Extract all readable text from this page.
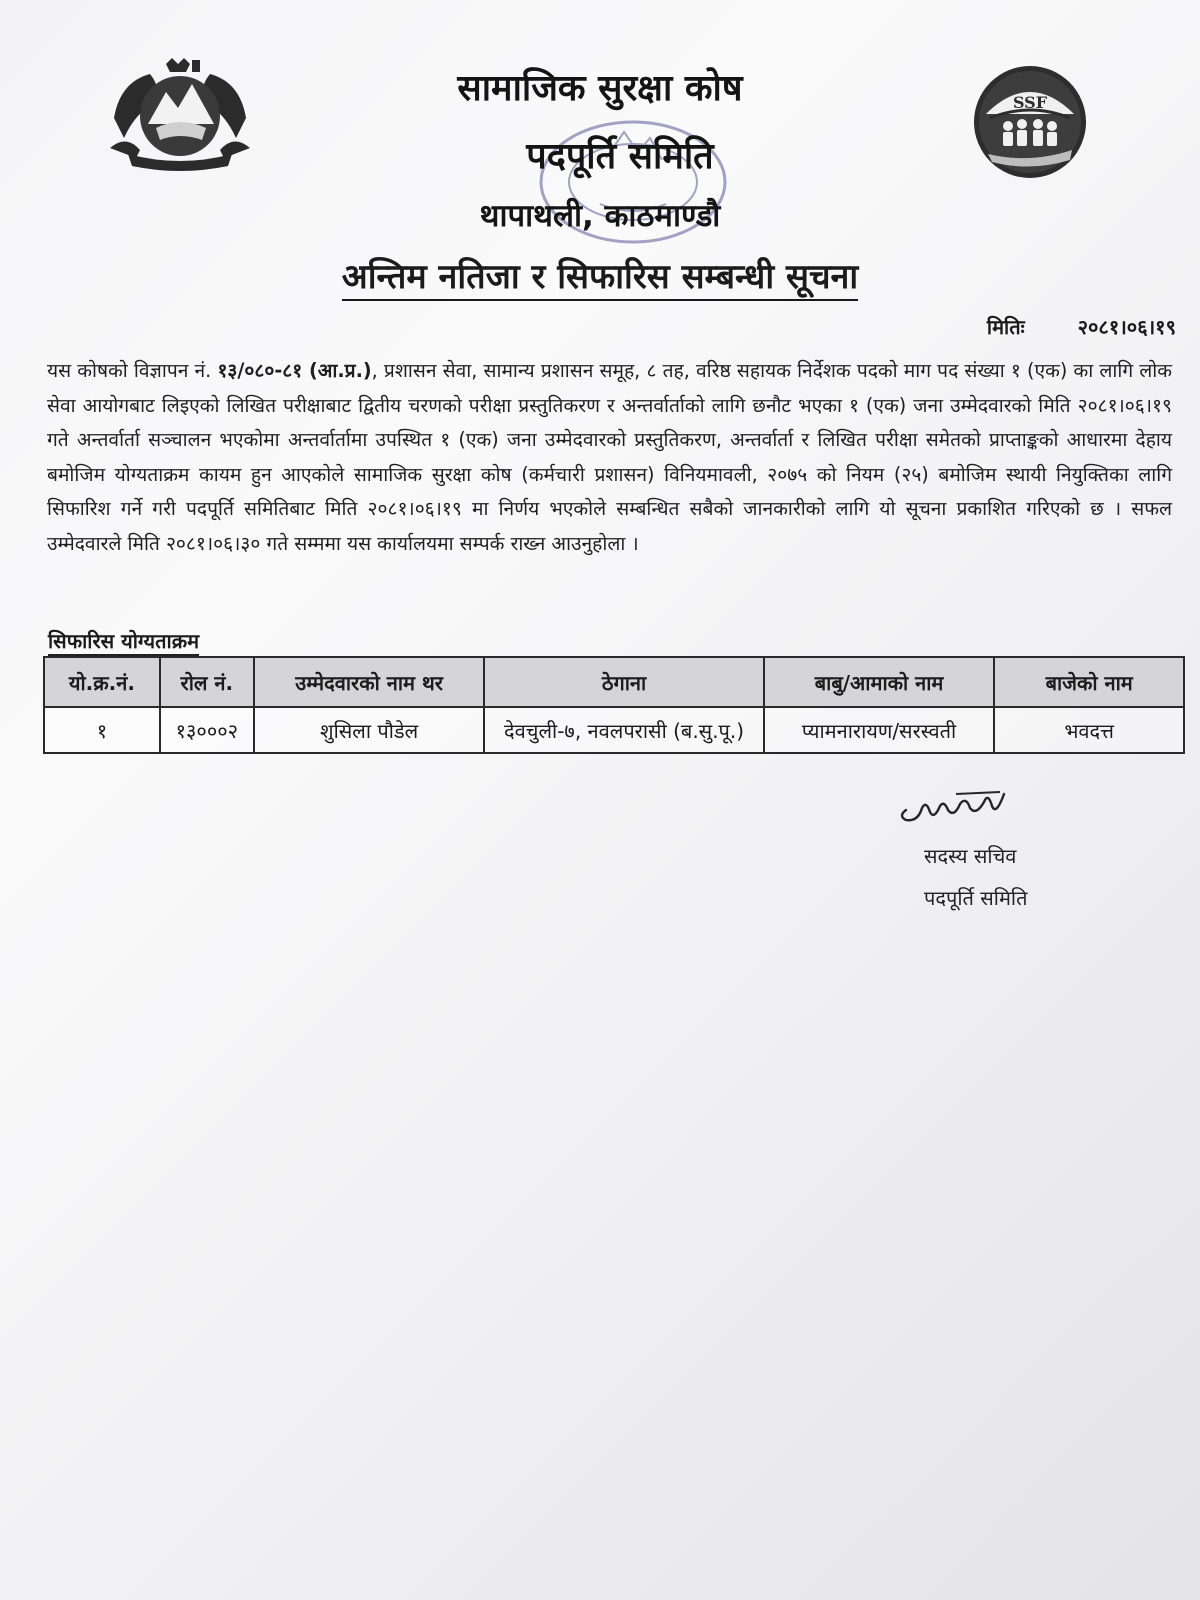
SSF
सामाजिक सुरक्षा कोष
पदपूर्ति समिति
थापाथली, काठमाण्डौ
अन्तिम नतिजा र सिफारिस सम्बन्धी सूचना
मितिः	२०८१।०६।१९

यस कोषको विज्ञापन नं. १३/०८०-८१ (आ.प्र.), प्रशासन सेवा, सामान्य प्रशासन समूह, ८ तह, वरिष्ठ सहायक निर्देशक पदको माग पद संख्या १ (एक) का लागि लोक सेवा आयोगबाट लिइएको लिखित परीक्षाबाट द्वितीय चरणको परीक्षा प्रस्तुतिकरण र अन्तर्वार्ताको लागि छनौट भएका १ (एक) जना उम्मेदवारको मिति २०८१।०६।१९ गते अन्तर्वार्ता सञ्चालन भएकोमा अन्तर्वार्तामा उपस्थित १ (एक) जना उम्मेदवारको प्रस्तुतिकरण, अन्तर्वार्ता र लिखित परीक्षा समेतको प्राप्ताङ्कको आधारमा देहाय बमोजिम योग्यताक्रम कायम हुन आएकोले सामाजिक सुरक्षा कोष (कर्मचारी प्रशासन) विनियमावली, २०७५ को नियम (२५) बमोजिम स्थायी नियुक्तिका लागि सिफारिश गर्ने गरी पदपूर्ति समितिबाट मिति २०८१।०६।१९ मा निर्णय भएकोले सम्बन्धित सबैको जानकारीको लागि यो सूचना प्रकाशित गरिएको छ । सफल उम्मेदवारले मिति २०८१।०६।३० गते सम्ममा यस कार्यालयमा सम्पर्क राख्न आउनुहोला ।

सिफारिस योग्यताक्रम
यो.क्र.नं.	रोल नं.	उम्मेदवारको नाम थर	ठेगाना	बाबु/आमाको नाम	बाजेको नाम
१	१३०००२	शुसिला पौडेल	देवचुली-७, नवलपरासी (ब.सु.पू.)	प्यामनारायण/सरस्वती	भवदत्त
सदस्य सचिव
पदपूर्ति समिति
